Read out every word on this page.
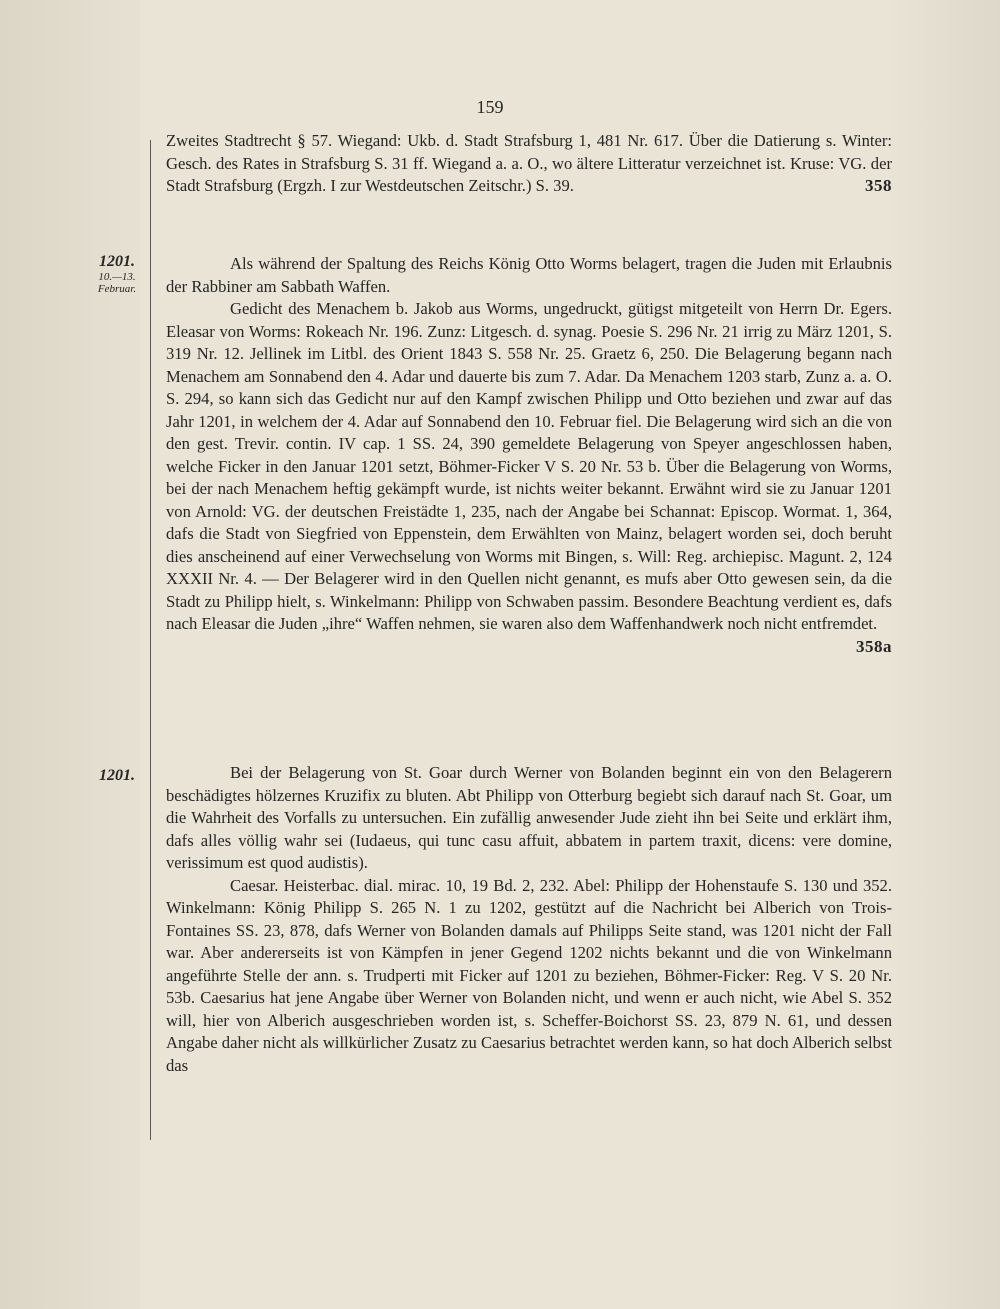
159

Zweites Stadtrecht § 57. Wiegand: Ukb. d. Stadt Strafsburg 1, 481 Nr. 617. Über die Datierung s. Winter: Gesch. des Rates in Strafsburg S. 31 ff. Wiegand a. a. O., wo ältere Litteratur verzeichnet ist. Kruse: VG. der Stadt Strafsburg (Ergzh. I zur Westdeutschen Zeitschr.) S. 39.	358
1201.
10.—13.
Februar.

Als während der Spaltung des Reichs König Otto Worms belagert, tragen die Juden mit Erlaubnis der Rabbiner am Sabbath Waffen.

Gedicht des Menachem b. Jakob aus Worms, ungedruckt, gütigst mitgeteilt von Herrn Dr. Egers. Eleasar von Worms: Rokeach Nr. 196. Zunz: Litgesch. d. synag. Poesie S. 296 Nr. 21 irrig zu März 1201, S. 319 Nr. 12. Jellinek im Litbl. des Orient 1843 S. 558 Nr. 25. Graetz 6, 250. Die Belagerung begann nach Menachem am Sonnabend den 4. Adar und dauerte bis zum 7. Adar. Da Menachem 1203 starb, Zunz a. a. O. S. 294, so kann sich das Gedicht nur auf den Kampf zwischen Philipp und Otto beziehen und zwar auf das Jahr 1201, in welchem der 4. Adar auf Sonnabend den 10. Februar fiel. Die Belagerung wird sich an die von den gest. Trevir. contin. IV cap. 1 SS. 24, 390 gemeldete Belagerung von Speyer angeschlossen haben, welche Ficker in den Januar 1201 setzt, Böhmer-Ficker V S. 20 Nr. 53 b. Über die Belagerung von Worms, bei der nach Menachem heftig gekämpft wurde, ist nichts weiter bekannt. Erwähnt wird sie zu Januar 1201 von Arnold: VG. der deutschen Freistädte 1, 235, nach der Angabe bei Schannat: Episcop. Wormat. 1, 364, dafs die Stadt von Siegfried von Eppenstein, dem Erwählten von Mainz, belagert worden sei, doch beruht dies anscheinend auf einer Verwechselung von Worms mit Bingen, s. Will: Reg. archiepisc. Magunt. 2, 124 XXXII Nr. 4. — Der Belagerer wird in den Quellen nicht genannt, es mufs aber Otto gewesen sein, da die Stadt zu Philipp hielt, s. Winkelmann: Philipp von Schwaben passim. Besondere Beachtung verdient es, dafs nach Eleasar die Juden „ihre“ Waffen nehmen, sie waren also dem Waffenhandwerk noch nicht entfremdet.

358a
1201.	Bei der Belagerung von St. Goar durch Werner von Bolanden beginnt ein von den Belagerern beschädigtes hölzernes Kruzifix zu bluten. Abt Philipp von Otterburg begiebt sich darauf nach St. Goar, um die Wahrheit des Vorfalls zu untersuchen. Ein zufällig anwesender Jude zieht ihn bei Seite und erklärt ihm, dafs alles völlig wahr sei (Iudaeus, qui tunc casu affuit, abbatem in partem traxit, dicens: vere domine, verissimum est quod audistis).

Caesar. Heisterbac. dial. mirac. 10, 19 Bd. 2, 232. Abel: Philipp der Hohenstaufe S. 130 und 352. Winkelmann: König Philipp S. 265 N. 1 zu 1202, gestützt auf die Nachricht bei Alberich von Trois-Fontaines SS. 23, 878, dafs Werner von Bolanden damals auf Philipps Seite stand, was 1201 nicht der Fall war. Aber andererseits ist von Kämpfen in jener Gegend 1202 nichts bekannt und die von Winkelmann angeführte Stelle der ann. s. Trudperti mit Ficker auf 1201 zu beziehen, Böhmer-Ficker: Reg. V S. 20 Nr. 53b. Caesarius hat jene Angabe über Werner von Bolanden nicht, und wenn er auch nicht, wie Abel S. 352 will, hier von Alberich ausgeschrieben worden ist, s. Scheffer-Boichorst SS. 23, 879 N. 61, und dessen Angabe daher nicht als willkürlicher Zusatz zu Caesarius betrachtet werden kann, so hat doch Alberich selbst das
